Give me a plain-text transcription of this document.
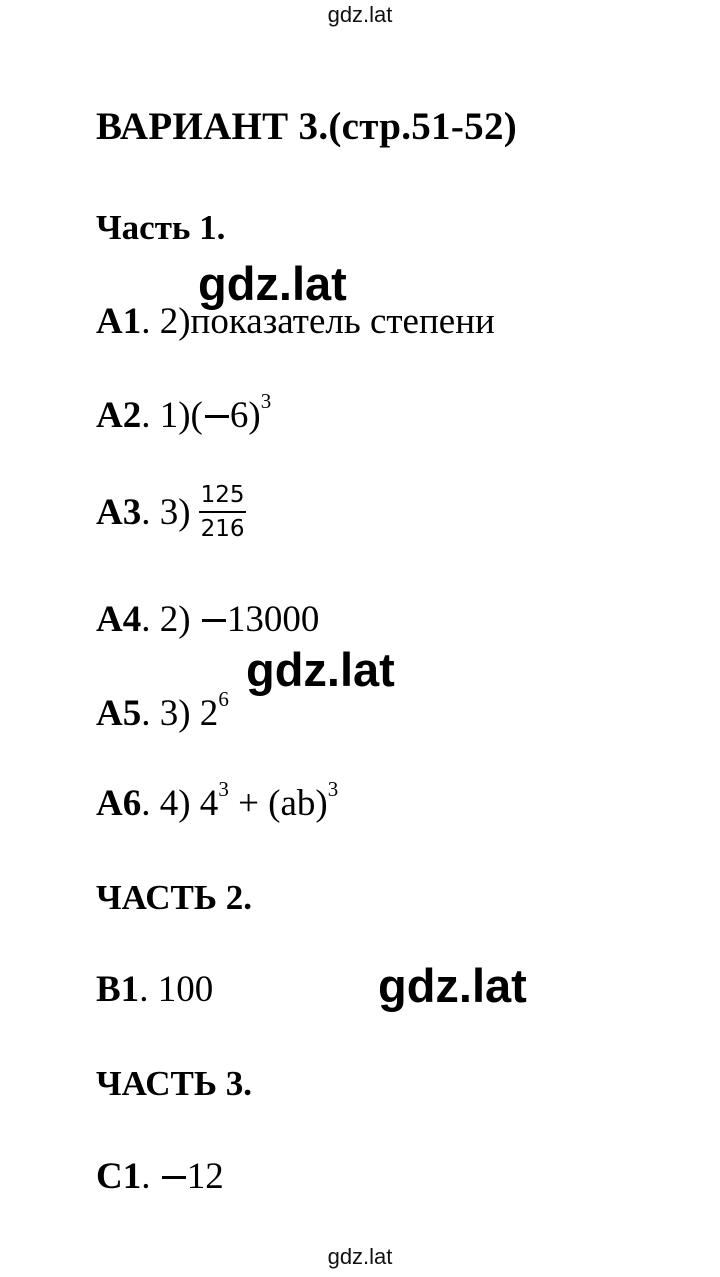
gdz.lat
ВАРИАНТ 3.(стр.51-52)
Часть 1.
А1. 2)показатель степени
А2. 1)( 6)$^3$
А3. $3) \frac{125}{216}$
А4. 2) 13000
А5. 3) $2^6$
А6. 4) $4^3 + (ab)^3$
ЧАСТЬ 2.
В1. 100
ЧАСТЬ 3.
С1. 12
gdz.lat
gdz.lat
gdz.lat
gdz.lat
